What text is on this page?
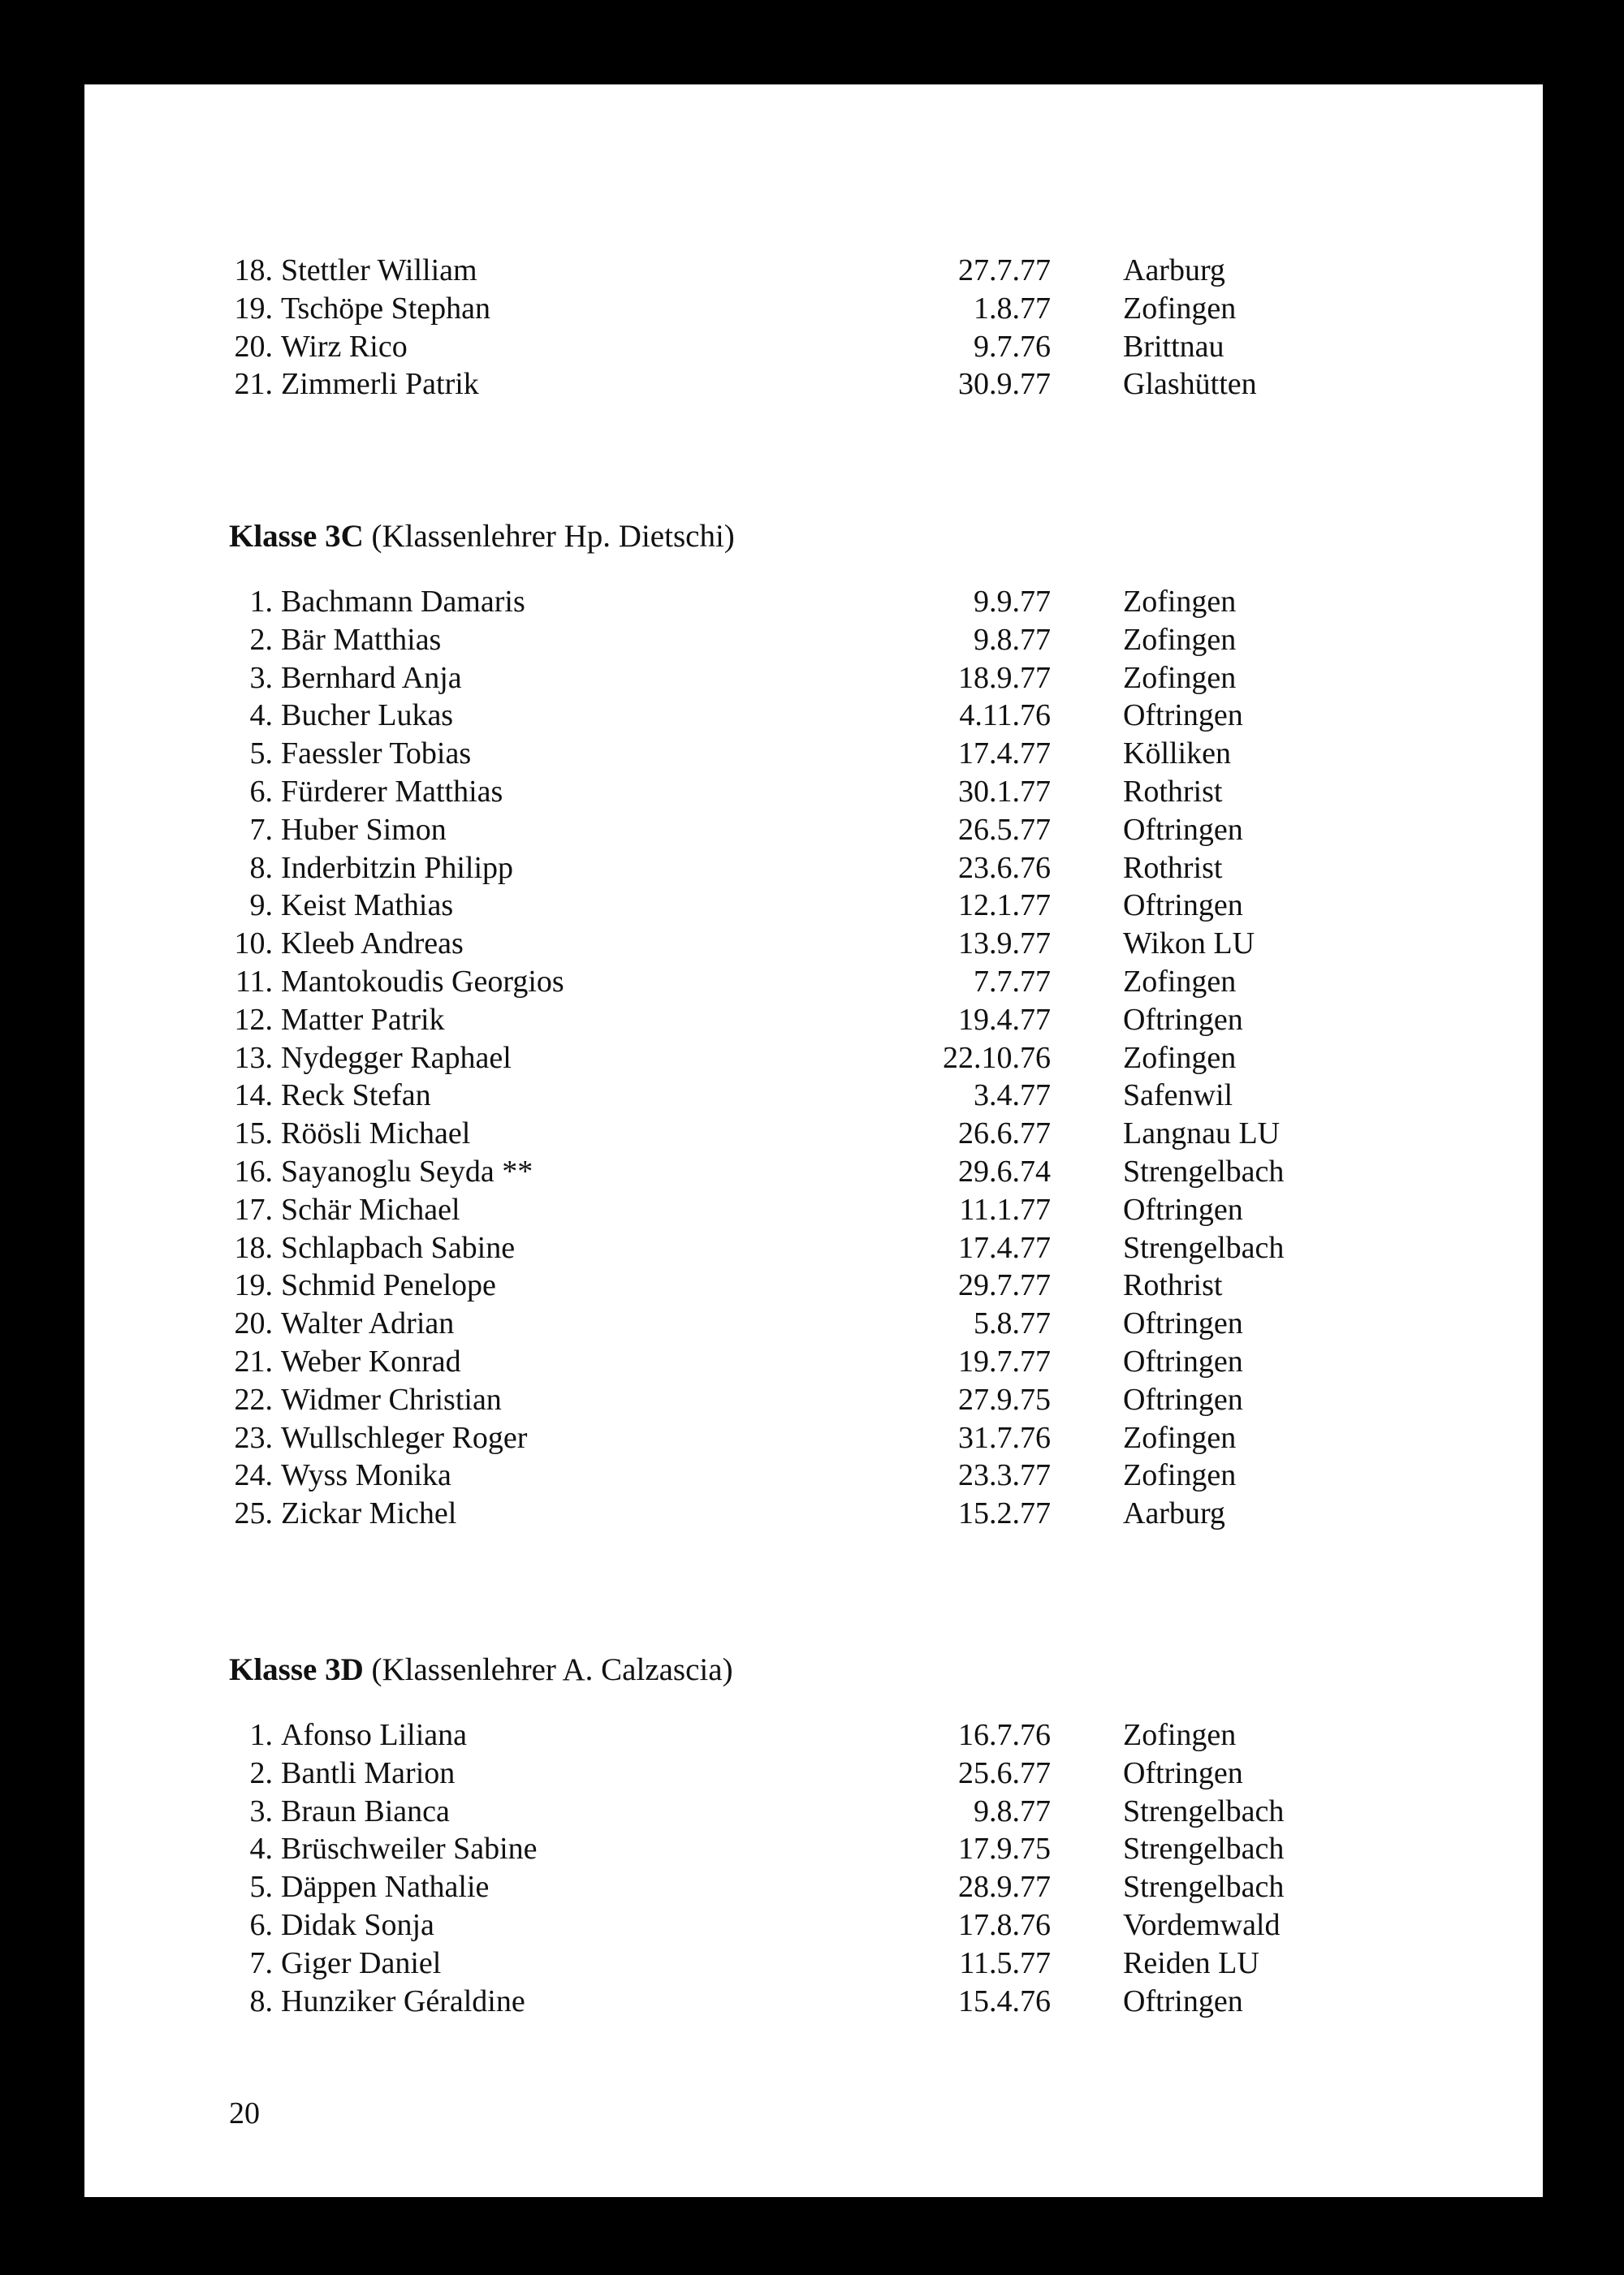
18. Stettler William	27.7.77 Aarburg
19. Tschöpe Stephan	1.8.77 Zofingen
20. Wirz Rico	9.7.76 Brittnau
21. Zimmerli Patrik	30.9.77 Glashütten
Klasse 3C (Klassenlehrer Hp. Dietschi)
1. Bachmann Damaris	9.9.77 Zofingen
2. Bär Matthias	9.8.77 Zofingen
3. Bernhard Anja	18.9.77 Zofingen
4. Bucher Lukas	4.11.76 Oftringen
5. Faessler Tobias	17.4.77 Kölliken
6. Fürderer Matthias	30.1.77 Rothrist
7. Huber Simon	26.5.77 Oftringen
8. Inderbitzin Philipp	23.6.76 Rothrist
9. Keist Mathias	12.1.77 Oftringen
10. Kleeb Andreas	13.9.77 Wikon LU
11. Mantokoudis Georgios	7.7.77 Zofingen
12. Matter Patrik	19.4.77 Oftringen
13. Nydegger Raphael	22.10.76 Zofingen
14. Reck Stefan	3.4.77 Safenwil
15. Röösli Michael	26.6.77 Langnau LU
16. Sayanoglu Seyda **	29.6.74 Strengelbach
17. Schär Michael	11.1.77 Oftringen
18. Schlapbach Sabine	17.4.77 Strengelbach
19. Schmid Penelope	29.7.77 Rothrist
20. Walter Adrian	5.8.77 Oftringen
21. Weber Konrad	19.7.77 Oftringen
22. Widmer Christian	27.9.75 Oftringen
23. Wullschleger Roger	31.7.76 Zofingen
24. Wyss Monika	23.3.77 Zofingen
25. Zickar Michel	15.2.77 Aarburg
Klasse 3D (Klassenlehrer A. Calzascia)
1. Afonso Liliana	16.7.76 Zofingen
2. Bantli Marion	25.6.77 Oftringen
3. Braun Bianca	9.8.77 Strengelbach
4. Brüschweiler Sabine	17.9.75 Strengelbach
5. Däppen Nathalie	28.9.77 Strengelbach
6. Didak Sonja	17.8.76 Vordemwald
7. Giger Daniel	11.5.77 Reiden LU
8. Hunziker Géraldine	15.4.76 Oftringen
20
